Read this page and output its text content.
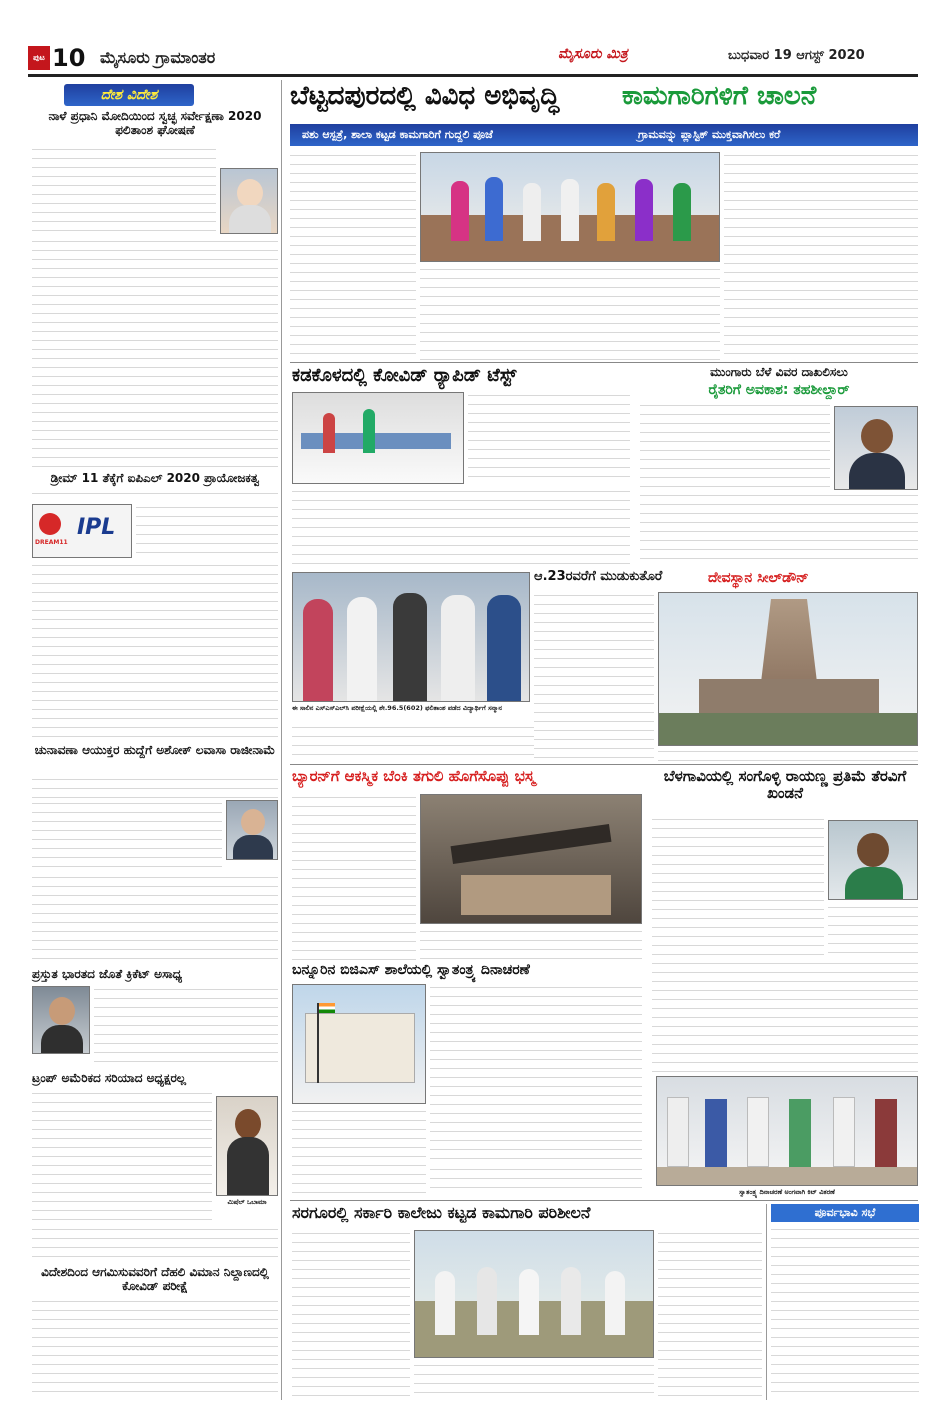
ಪುಟ 10 ಮೈಸೂರು ಗ್ರಾಮಾಂತರ	ಮೈಸೂರು ಮಿತ್ರ	ಬುಧವಾರ 19 ಆಗಸ್ಟ್ 2020
ದೇಶ ವಿದೇಶ
ನಾಳೆ ಪ್ರಧಾನಿ ಮೋದಿಯಿಂದ ಸ್ವಚ್ಛ ಸರ್ವೇಕ್ಷಣಾ 2020 ಫಲಿತಾಂಶ ಘೋಷಣೆ
ಡ್ರೀಮ್ 11 ತೆಕ್ಕೆಗೆ ಐಪಿಎಲ್ 2020 ಪ್ರಾಯೋಜಕತ್ವ
DREAM11
IPL
ಚುನಾವಣಾ ಆಯುಕ್ತರ ಹುದ್ದೆಗೆ ಅಶೋಕ್ ಲವಾಸಾ ರಾಜೀನಾಮೆ
ಪ್ರಸ್ತುತ ಭಾರತದ ಜೊತೆ ಕ್ರಿಕೆಟ್ ಅಸಾಧ್ಯ
ಟ್ರಂಪ್ ಅಮೆರಿಕದ ಸರಿಯಾದ ಅಧ್ಯಕ್ಷರಲ್ಲ
ಮಿಷೆಲ್ ಒಬಾಮಾ
ವಿದೇಶದಿಂದ ಆಗಮಿಸುವವರಿಗೆ ದೆಹಲಿ ವಿಮಾನ ನಿಲ್ದಾಣದಲ್ಲಿ ಕೋವಿಡ್ ಪರೀಕ್ಷೆ
ಬೆಟ್ಟದಪುರದಲ್ಲಿ ವಿವಿಧ ಅಭಿವೃದ್ಧಿ	ಕಾಮಗಾರಿಗಳಿಗೆ ಚಾಲನೆ
ಪಶು ಆಸ್ಪತ್ರೆ, ಶಾಲಾ ಕಟ್ಟಡ ಕಾಮಗಾರಿಗೆ ಗುದ್ದಲಿ ಪೂಜೆ	ಗ್ರಾಮವನ್ನು ಪ್ಲಾಸ್ಟಿಕ್ ಮುಕ್ತವಾಗಿಸಲು ಕರೆ
ಕಡಕೊಳದಲ್ಲಿ ಕೋವಿಡ್ ರ‍್ಯಾಪಿಡ್ ಟೆಸ್ಟ್	ಮುಂಗಾರು ಬೆಳೆ ವಿವರ ದಾಖಲಿಸಲು
ರೈತರಿಗೆ ಅವಕಾಶ: ತಹಶೀಲ್ದಾರ್
ಈ ಸಾಲಿನ ಎಸ್‌ಎಸ್‌ಎಲ್‌ಸಿ ಪರೀಕ್ಷೆಯಲ್ಲಿ ಶೇ.96.5(602) ಫಲಿತಾಂಶ ಪಡೆದ ವಿದ್ಯಾರ್ಥಿಗೆ ಸನ್ಮಾನ
ಆ.23ರವರೆಗೆ ಮುಡುಕುತೊರೆ	ದೇವಸ್ಥಾನ ಸೀಲ್‌ಡೌನ್
ಬ್ಯಾರನ್‌ಗೆ ಆಕಸ್ಮಿಕ ಬೆಂಕಿ ತಗುಲಿ ಹೊಗೆಸೊಪ್ಪು ಭಸ್ಮ	ಬೆಳಗಾವಿಯಲ್ಲಿ ಸಂಗೊಳ್ಳಿ ರಾಯಣ್ಣ ಪ್ರತಿಮೆ ತೆರವಿಗೆ ಖಂಡನೆ
ಬನ್ನೂರಿನ ಬಿಜಿಎಸ್ ಶಾಲೆಯಲ್ಲಿ ಸ್ವಾತಂತ್ರ್ಯ ದಿನಾಚರಣೆ
ಸ್ವಾತಂತ್ರ್ಯ ದಿನಾಚರಣೆ ಅಂಗವಾಗಿ ಕಿಟ್ ವಿತರಣೆ
ಸರಗೂರಲ್ಲಿ ಸರ್ಕಾರಿ ಕಾಲೇಜು ಕಟ್ಟಡ ಕಾಮಗಾರಿ ಪರಿಶೀಲನೆ	ಪೂರ್ವಭಾವಿ ಸಭೆ
